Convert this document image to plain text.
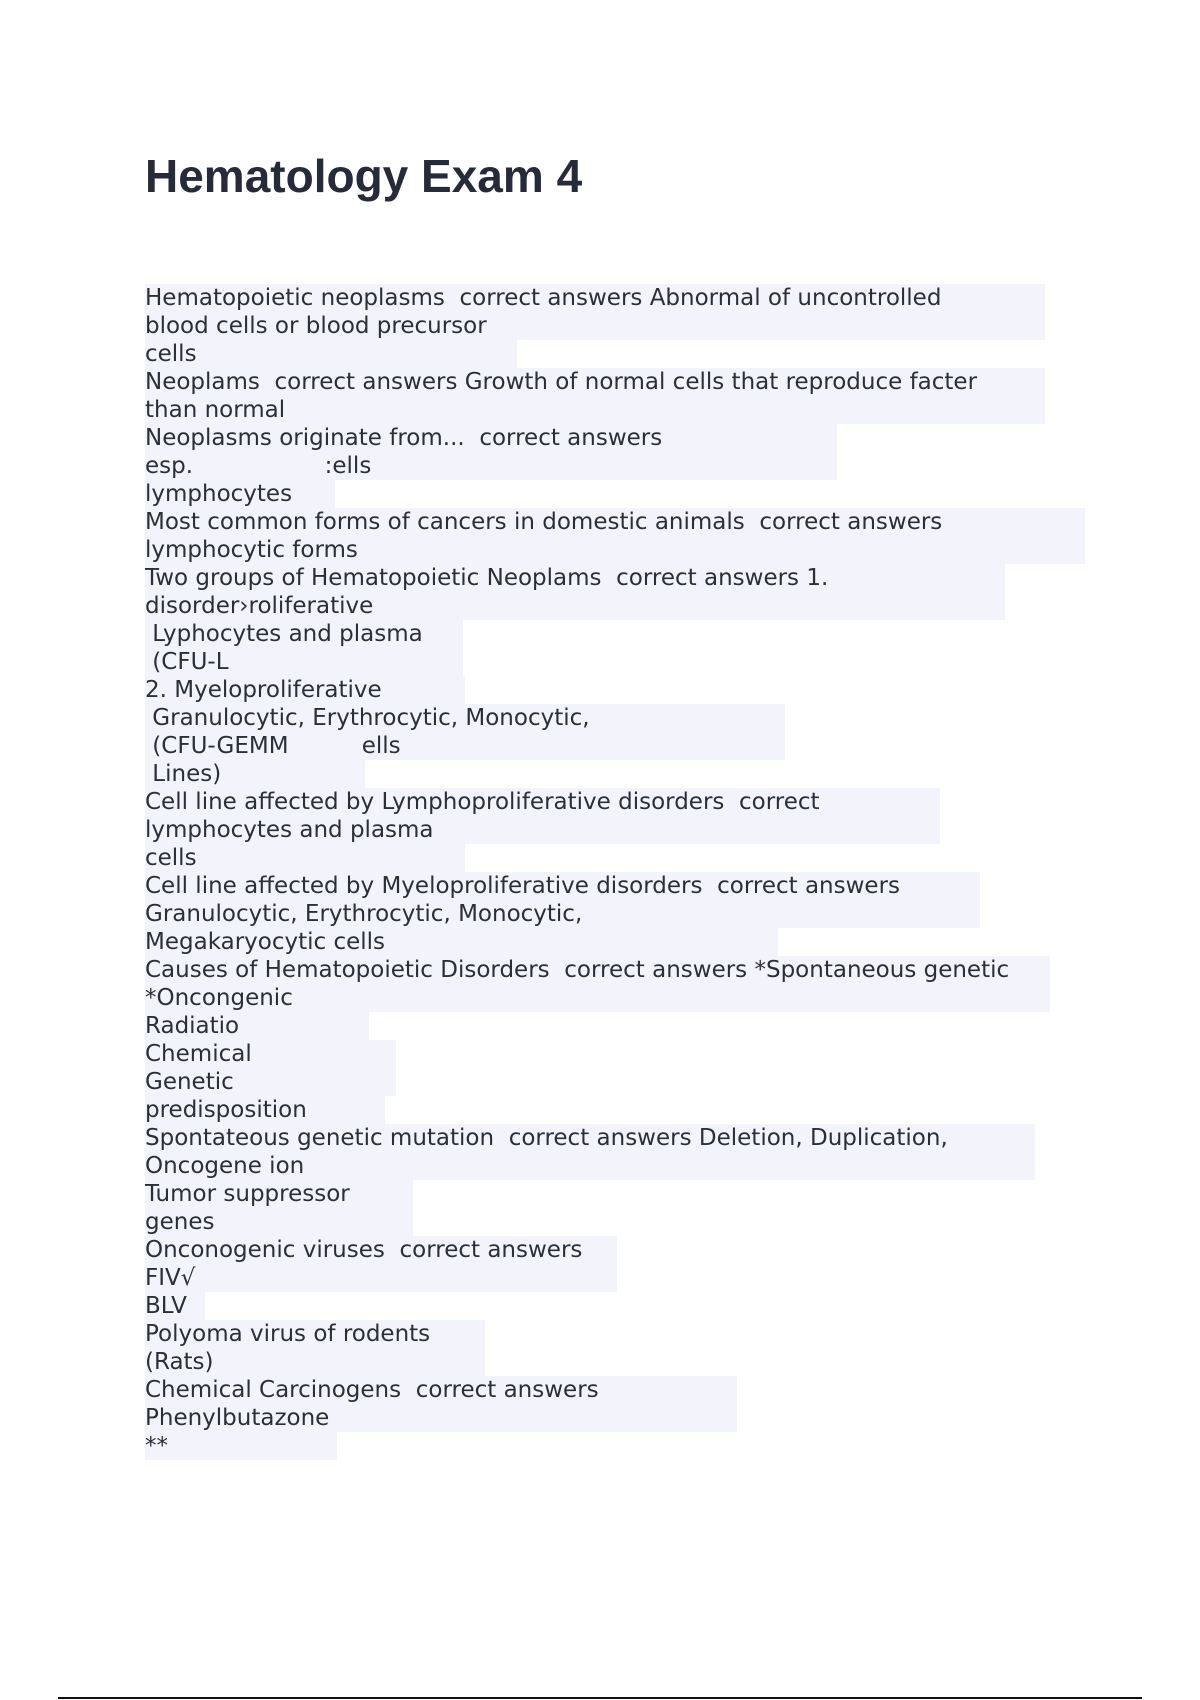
Hematology Exam 4
Hematopoietic neoplasms  correct answers Abnormal of uncontrolled
blood cells or blood precursor
cells
Neoplams  correct answers Growth of normal cells that reproduce facter
than normal
Neoplasms originate from...  correct answers
esp.                  :ells
lymphocytes
Most common forms of cancers in domestic animals  correct answers
lymphocytic forms
Two groups of Hematopoietic Neoplams  correct answers 1.
disorder›roliferative
Lyphocytes and plasma
(CFU-L
2. Myeloproliferative
Granulocytic, Erythrocytic, Monocytic,
(CFU-GEMM          ells
Lines)
Cell line affected by Lymphoproliferative disorders  correct
lymphocytes and plasma
cells
Cell line affected by Myeloproliferative disorders  correct answers
Granulocytic, Erythrocytic, Monocytic,
Megakaryocytic cells
Causes of Hematopoietic Disorders  correct answers *Spontaneous genetic
*Oncongenic
Radiatio
Chemical
Genetic
predisposition
Spontateous genetic mutation  correct answers Deletion, Duplication,
Oncogene ion
Tumor suppressor
genes
Onconogenic viruses  correct answers
FIV√
BLV
Polyoma virus of rodents
(Rats)
Chemical Carcinogens  correct answers
Phenylbutazone
**
